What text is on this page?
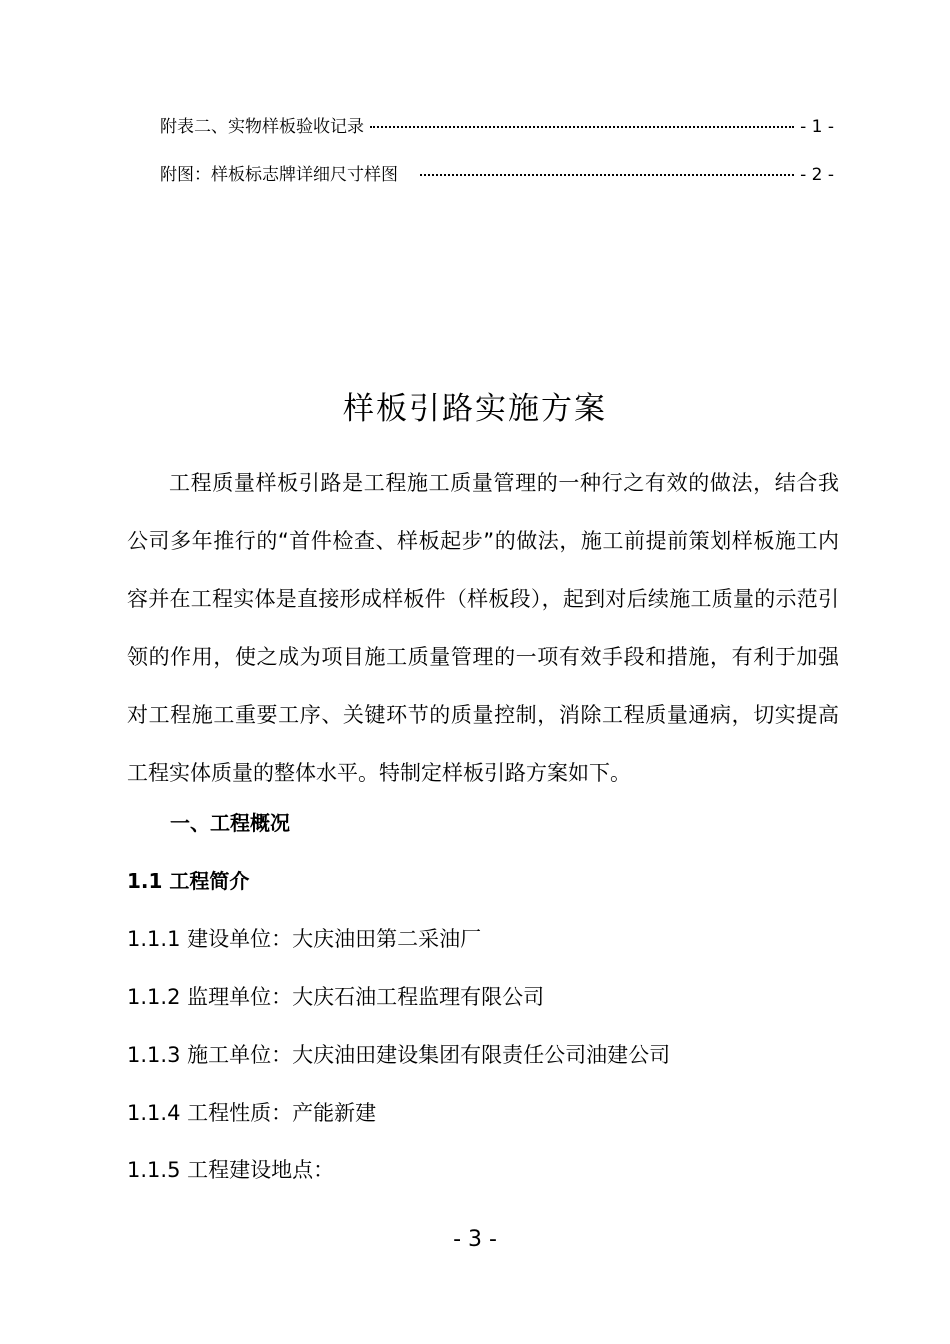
附表二、实物样板验收记录	- 1 -
附图：样板标志牌详细尺寸样图	- 2 -
样板引路实施方案

工程质量样板引路是工程施工质量管理的一种行之有效的做法，结合我公司多年推行的“首件检查、样板起步”的做法，施工前提前策划样板施工内容并在工程实体是直接形成样板件（样板段），起到对后续施工质量的示范引领的作用，使之成为项目施工质量管理的一项有效手段和措施，有利于加强对工程施工重要工序、关键环节的质量控制，消除工程质量通病，切实提高工程实体质量的整体水平。特制定样板引路方案如下。

一、工程概况
1.1 工程简介
1.1.1 建设单位：大庆油田第二采油厂
1.1.2 监理单位：大庆石油工程监理有限公司
1.1.3 施工单位：大庆油田建设集团有限责任公司油建公司
1.1.4 工程性质：产能新建
1.1.5 工程建设地点：
- 3 -
